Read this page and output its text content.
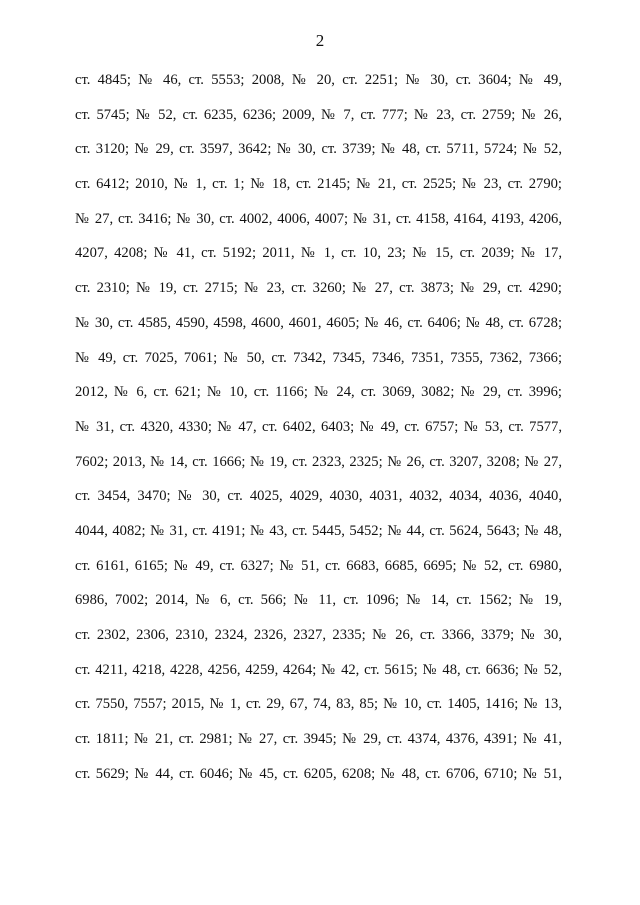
2
ст. 4845; № 46, ст. 5553; 2008, № 20, ст. 2251; № 30, ст. 3604; № 49,
ст. 5745; № 52, ст. 6235, 6236; 2009, № 7, ст. 777; № 23, ст. 2759; № 26,
ст. 3120; № 29, ст. 3597, 3642; № 30, ст. 3739; № 48, ст. 5711, 5724; № 52,
ст. 6412; 2010, № 1, ст. 1; № 18, ст. 2145; № 21, ст. 2525; № 23, ст. 2790;
№ 27, ст. 3416; № 30, ст. 4002, 4006, 4007; № 31, ст. 4158, 4164, 4193, 4206,
4207, 4208; № 41, ст. 5192; 2011, № 1, ст. 10, 23; № 15, ст. 2039; № 17,
ст. 2310; № 19, ст. 2715; № 23, ст. 3260; № 27, ст. 3873; № 29, ст. 4290;
№ 30, ст. 4585, 4590, 4598, 4600, 4601, 4605; № 46, ст. 6406; № 48, ст. 6728;
№ 49, ст. 7025, 7061; № 50, ст. 7342, 7345, 7346, 7351, 7355, 7362, 7366;
2012, № 6, ст. 621; № 10, ст. 1166; № 24, ст. 3069, 3082; № 29, ст. 3996;
№ 31, ст. 4320, 4330; № 47, ст. 6402, 6403; № 49, ст. 6757; № 53, ст. 7577,
7602; 2013, № 14, ст. 1666; № 19, ст. 2323, 2325; № 26, ст. 3207, 3208; № 27,
ст. 3454, 3470; № 30, ст. 4025, 4029, 4030, 4031, 4032, 4034, 4036, 4040,
4044, 4082; № 31, ст. 4191; № 43, ст. 5445, 5452; № 44, ст. 5624, 5643; № 48,
ст. 6161, 6165; № 49, ст. 6327; № 51, ст. 6683, 6685, 6695; № 52, ст. 6980,
6986, 7002; 2014, № 6, ст. 566; № 11, ст. 1096; № 14, ст. 1562; № 19,
ст. 2302, 2306, 2310, 2324, 2326, 2327, 2335; № 26, ст. 3366, 3379; № 30,
ст. 4211, 4218, 4228, 4256, 4259, 4264; № 42, ст. 5615; № 48, ст. 6636; № 52,
ст. 7550, 7557; 2015, № 1, ст. 29, 67, 74, 83, 85; № 10, ст. 1405, 1416; № 13,
ст. 1811; № 21, ст. 2981; № 27, ст. 3945; № 29, ст. 4374, 4376, 4391; № 41,
ст. 5629; № 44, ст. 6046; № 45, ст. 6205, 6208; № 48, ст. 6706, 6710; № 51,
